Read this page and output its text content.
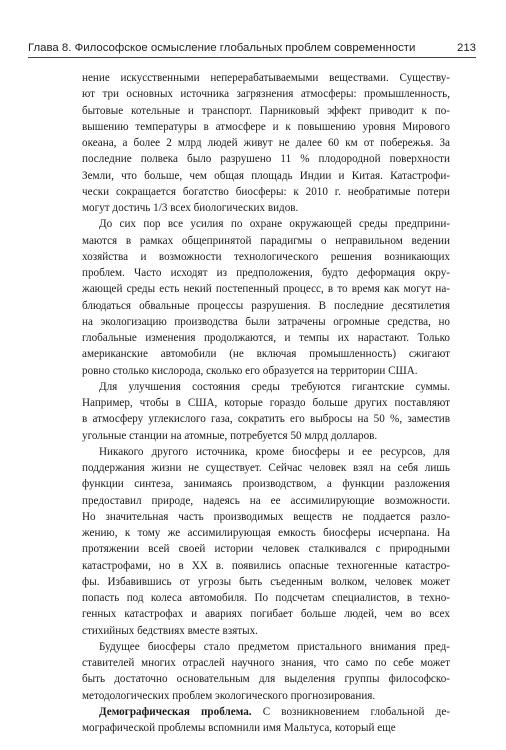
Глава 8. Философское осмысление глобальных проблем современности	213

нение искусственными неперерабатываемыми веществами. Существу-
ют три основных источника загрязнения атмосферы: промышленность,
бытовые котельные и транспорт. Парниковый эффект приводит к по-
вышению температуры в атмосфере и к повышению уровня Мирового
океана, а более 2 млрд людей живут не далее 60 км от побережья. За
последние полвека было разрушено 11 % плодородной поверхности
Земли, что больше, чем общая площадь Индии и Китая. Катастрофи-
чески сокращается богатство биосферы: к 2010 г. необратимые потери
могут достичь 1/3 всех биологических видов.

До сих пор все усилия по охране окружающей среды предприни-
маются в рамках общепринятой парадигмы о неправильном ведении
хозяйства и возможности технологического решения возникающих
проблем. Часто исходят из предположения, будто деформация окру-
жающей среды есть некий постепенный процесс, в то время как могут на-
блюдаться обвальные процессы разрушения. В последние десятилетия
на экологизацию производства были затрачены огромные средства, но
глобальные изменения продолжаются, и темпы их нарастают. Только
американские автомобили (не включая промышленность) сжигают
ровно столько кислорода, сколько его образуется на территории США.

Для улучшения состояния среды требуются гигантские суммы.
Например, чтобы в США, которые гораздо больше других поставляют
в атмосферу углекислого газа, сократить его выбросы на 50 %, заместив
угольные станции на атомные, потребуется 50 млрд долларов.

Никакого другого источника, кроме биосферы и ее ресурсов, для
поддержания жизни не существует. Сейчас человек взял на себя лишь
функции синтеза, занимаясь производством, а функции разложения
предоставил природе, надеясь на ее ассимилирующие возможности.
Но значительная часть производимых веществ не поддается разло-
жению, к тому же ассимилирующая емкость биосферы исчерпана. На
протяжении всей своей истории человек сталкивался с природными
катастрофами, но в XX в. появились опасные техногенные катастро-
фы. Избавившись от угрозы быть съеденным волком, человек может
попасть под колеса автомобиля. По подсчетам специалистов, в техно-
генных катастрофах и авариях погибает больше людей, чем во всех
стихийных бедствиях вместе взятых.

Будущее биосферы стало предметом пристального внимания пред-
ставителей многих отраслей научного знания, что само по себе может
быть достаточно основательным для выделения группы философско-
методологических проблем экологического прогнозирования.

Демографическая проблема. С возникновением глобальной де-
мографической проблемы вспомнили имя Мальтуса, который еще
